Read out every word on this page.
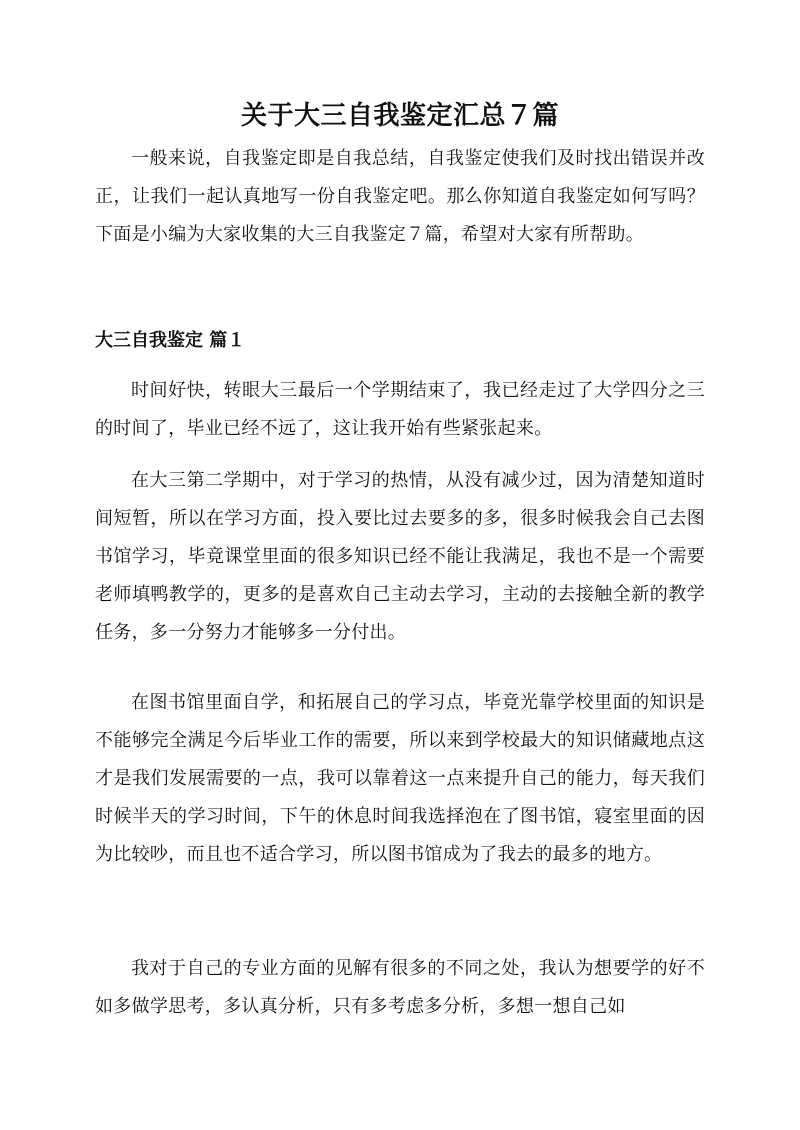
关于大三自我鉴定汇总７篇
一般来说，自我鉴定即是自我总结，自我鉴定使我们及时找出错误并改正，让我们一起认真地写一份自我鉴定吧。那么你知道自我鉴定如何写吗？下面是小编为大家收集的大三自我鉴定７篇，希望对大家有所帮助。
大三自我鉴定 篇１
时间好快，转眼大三最后一个学期结束了，我已经走过了大学四分之三的时间了，毕业已经不远了，这让我开始有些紧张起来。
在大三第二学期中，对于学习的热情，从没有减少过，因为清楚知道时间短暂，所以在学习方面，投入要比过去要多的多，很多时候我会自己去图书馆学习，毕竟课堂里面的很多知识已经不能让我满足，我也不是一个需要老师填鸭教学的，更多的是喜欢自己主动去学习，主动的去接触全新的教学任务，多一分努力才能够多一分付出。
在图书馆里面自学，和拓展自己的学习点，毕竟光靠学校里面的知识是不能够完全满足今后毕业工作的需要，所以来到学校最大的知识储藏地点这才是我们发展需要的一点，我可以靠着这一点来提升自己的能力，每天我们时候半天的学习时间，下午的休息时间我选择泡在了图书馆，寝室里面的因为比较吵，而且也不适合学习，所以图书馆成为了我去的最多的地方。
我对于自己的专业方面的见解有很多的不同之处，我认为想要学的好不如多做学思考，多认真分析，只有多考虑多分析，多想一想自己如
